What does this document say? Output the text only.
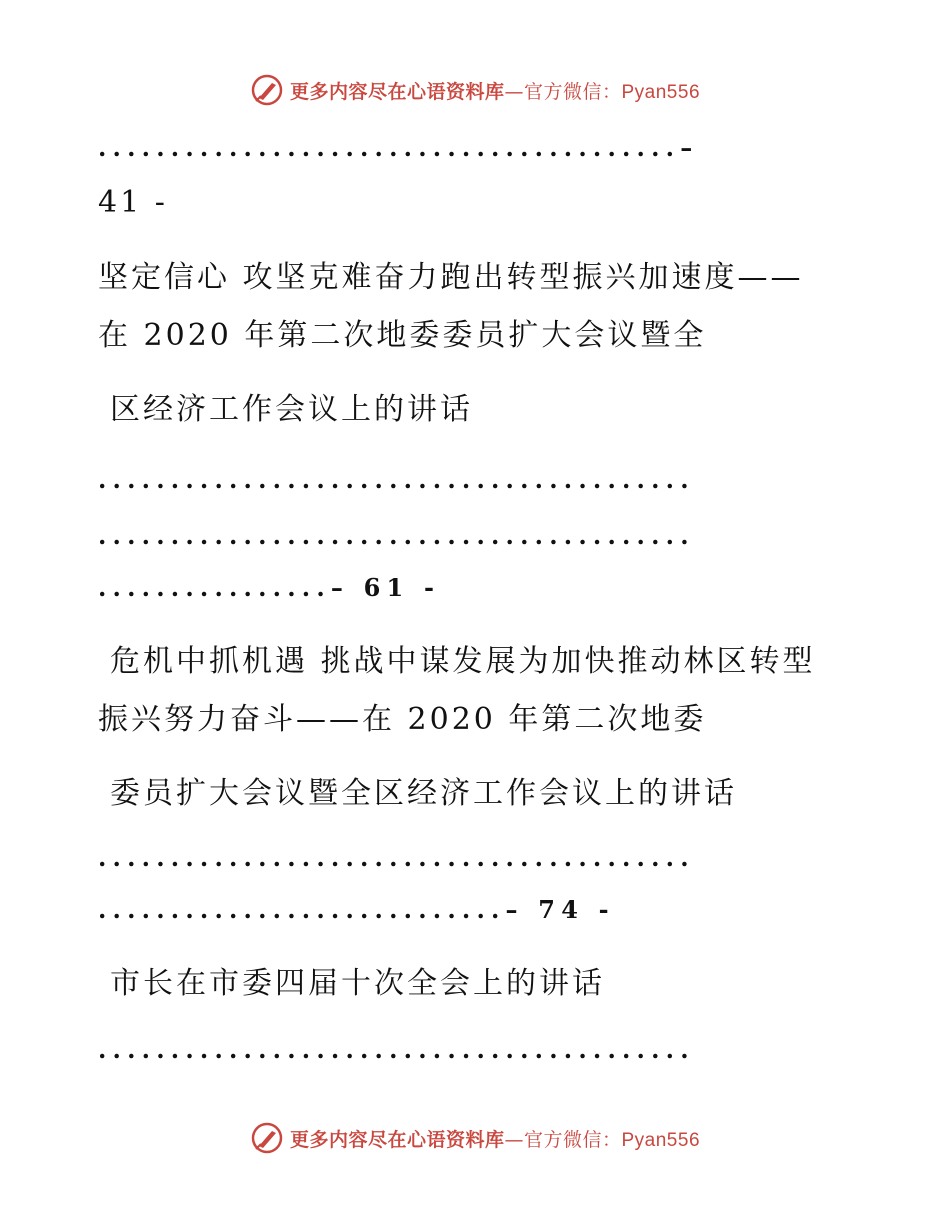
更多内容尽在心语资料库—官方微信：Pyan556
........................................–
41 -
坚定信心 攻坚克难奋力跑出转型振兴加速度——
在 2020 年第二次地委委员扩大会议暨全
区经济工作会议上的讲话
.........................................
.........................................
................– 61 -
危机中抓机遇 挑战中谋发展为加快推动林区转型
振兴努力奋斗——在 2020 年第二次地委
委员扩大会议暨全区经济工作会议上的讲话
.........................................
............................– 74 -
市长在市委四届十次全会上的讲话
.........................................
更多内容尽在心语资料库—官方微信：Pyan556
